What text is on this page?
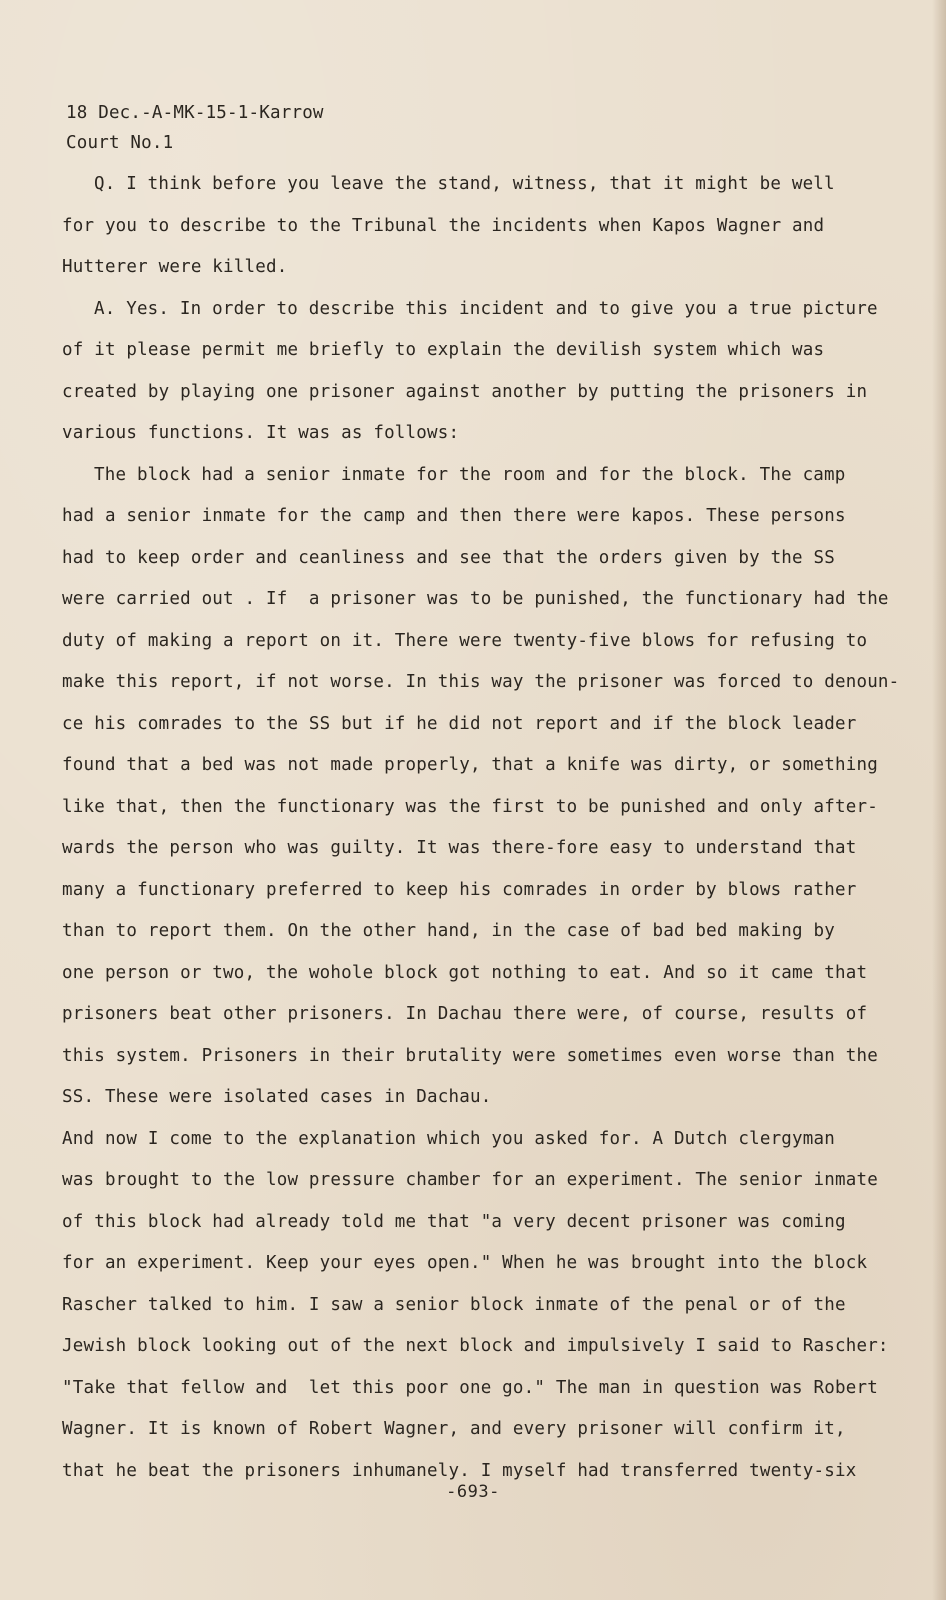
18 Dec.-A-MK-15-1-Karrow
Court No.1
Q. I think before you leave the stand, witness, that it might be well
for you to describe to the Tribunal the incidents when Kapos Wagner and
Hutterer were killed.
A. Yes. In order to describe this incident and to give you a true picture
of it please permit me briefly to explain the devilish system which was
created by playing one prisoner against another by putting the prisoners in
various functions. It was as follows:
The block had a senior inmate for the room and for the block. The camp
had a senior inmate for the camp and then there were kapos. These persons
had to keep order and ceanliness and see that the orders given by the SS
were carried out . If  a prisoner was to be punished, the functionary had the
duty of making a report on it. There were twenty-five blows for refusing to
make this report, if not worse. In this way the prisoner was forced to denoun-
ce his comrades to the SS but if he did not report and if the block leader
found that a bed was not made properly, that a knife was dirty, or something
like that, then the functionary was the first to be punished and only after-
wards the person who was guilty. It was there-fore easy to understand that
many a functionary preferred to keep his comrades in order by blows rather
than to report them. On the other hand, in the case of bad bed making by
one person or two, the wohole block got nothing to eat. And so it came that
prisoners beat other prisoners. In Dachau there were, of course, results of
this system. Prisoners in their brutality were sometimes even worse than the
SS. These were isolated cases in Dachau.
And now I come to the explanation which you asked for. A Dutch clergyman
was brought to the low pressure chamber for an experiment. The senior inmate
of this block had already told me that "a very decent prisoner was coming
for an experiment. Keep your eyes open." When he was brought into the block
Rascher talked to him. I saw a senior block inmate of the penal or of the
Jewish block looking out of the next block and impulsively I said to Rascher:
"Take that fellow and  let this poor one go." The man in question was Robert
Wagner. It is known of Robert Wagner, and every prisoner will confirm it,
that he beat the prisoners inhumanely. I myself had transferred twenty-six
-693-
